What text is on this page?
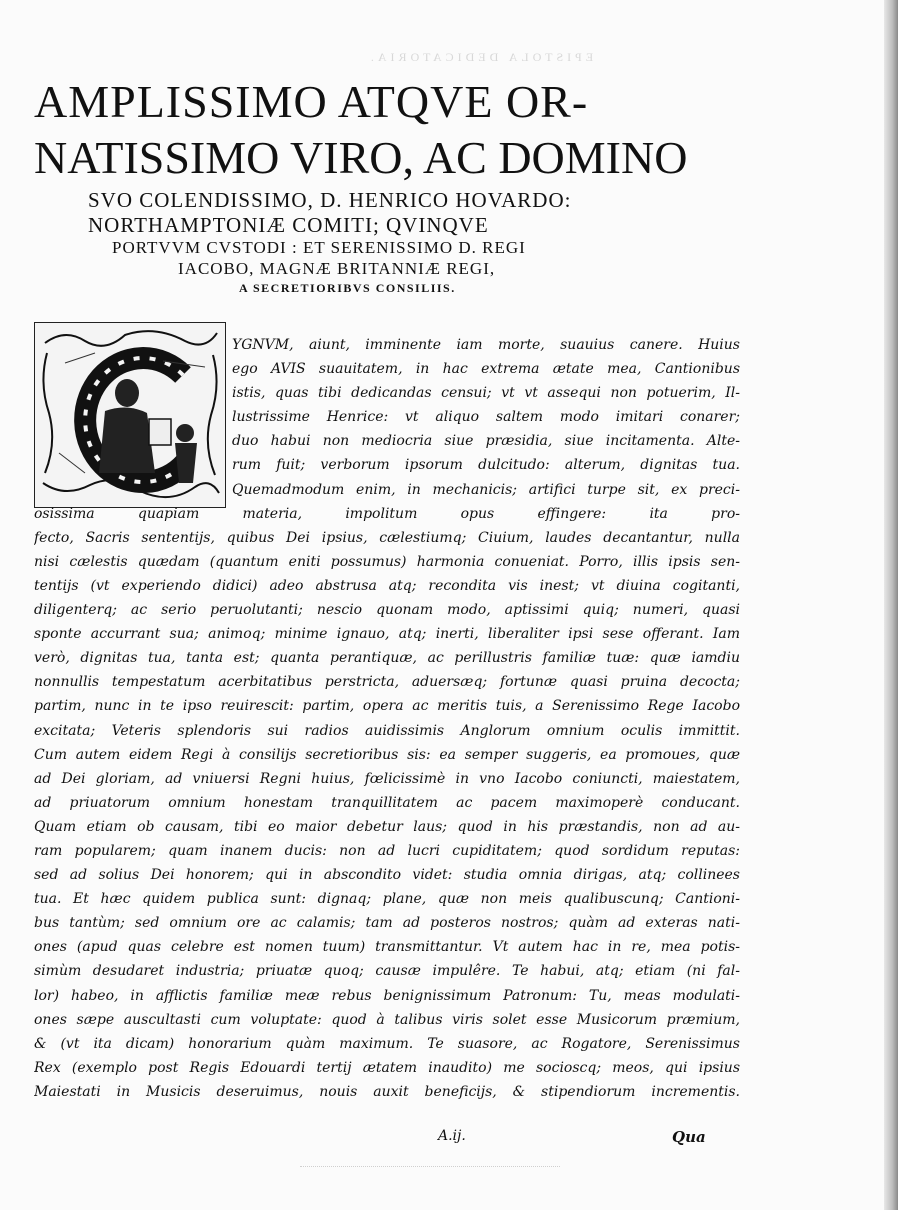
EPISTOLA DEDICATORIA.
AMPLISSIMO ATQVE OR-
NATISSIMO VIRO, AC DOMINO
SVO COLENDISSIMO, D. HENRICO HOVARDO:
NORTHAMPTONIÆ COMITI; QVINQVE
PORTVVM CVSTODI : ET SERENISSIMO D. REGI
IACOBO, MAGNÆ BRITANNIÆ REGI,
A SECRETIORIBVS CONSILIIS.
YGNVM, aiunt, imminente iam morte, suauius canere. Huius
ego AVIS suauitatem, in hac extrema ætate mea, Cantionibus
istis, quas tibi dedicandas censui; vt vt assequi non potuerim, Il-
lustrissime Henrice: vt aliquo saltem modo imitari conarer;
duo habui non mediocria siue præsidia, siue incitamenta. Alte-
rum fuit; verborum ipsorum dulcitudo: alterum, dignitas tua.
Quemadmodum enim, in mechanicis; artifici turpe sit, ex preci-
osissima quapiam materia, impolitum opus effingere: ita pro-
fecto, Sacris sententijs, quibus Dei ipsius, cælestiumq; Ciuium, laudes decantantur, nulla
nisi cælestis quædam (quantum eniti possumus) harmonia conueniat. Porro, illis ipsis sen-
tentijs (vt experiendo didici) adeo abstrusa atq; recondita vis inest; vt diuina cogitanti,
diligenterq; ac serio peruolutanti; nescio quonam modo, aptissimi quiq; numeri, quasi
sponte accurrant sua; animoq; minime ignauo, atq; inerti, liberaliter ipsi sese offerant. Iam
verò, dignitas tua, tanta est; quanta perantiquæ, ac perillustris familiæ tuæ: quæ iamdiu
nonnullis tempestatum acerbitatibus perstricta, aduersæq; fortunæ quasi pruina decocta;
partim, nunc in te ipso reuirescit: partim, opera ac meritis tuis, a Serenissimo Rege Iacobo
excitata; Veteris splendoris sui radios auidissimis Anglorum omnium oculis immittit.
Cum autem eidem Regi à consilijs secretioribus sis: ea semper suggeris, ea promoues, quæ
ad Dei gloriam, ad vniuersi Regni huius, fœlicissimè in vno Iacobo coniuncti, maiestatem,
ad priuatorum omnium honestam tranquillitatem ac pacem maximoperè conducant.
Quam etiam ob causam, tibi eo maior debetur laus; quod in his præstandis, non ad au-
ram popularem; quam inanem ducis: non ad lucri cupiditatem; quod sordidum reputas:
sed ad solius Dei honorem; qui in abscondito videt: studia omnia dirigas, atq; collinees
tua. Et hæc quidem publica sunt: dignaq; plane, quæ non meis qualibuscunq; Cantioni-
bus tantùm; sed omnium ore ac calamis; tam ad posteros nostros; quàm ad exteras nati-
ones (apud quas celebre est nomen tuum) transmittantur. Vt autem hac in re, mea potis-
simùm desudaret industria; priuatæ quoq; causæ impulêre. Te habui, atq; etiam (ni fal-
lor) habeo, in afflictis familiæ meæ rebus benignissimum Patronum: Tu, meas modulati-
ones sæpe auscultasti cum voluptate: quod à talibus viris solet esse Musicorum præmium,
& (vt ita dicam) honorarium quàm maximum. Te suasore, ac Rogatore, Serenissimus
Rex (exemplo post Regis Edouardi tertij ætatem inaudito) me socioscq; meos, qui ipsius
Maiestati in Musicis deseruimus, nouis auxit beneficijs, & stipendiorum incrementis.
A.ij.	Qua
